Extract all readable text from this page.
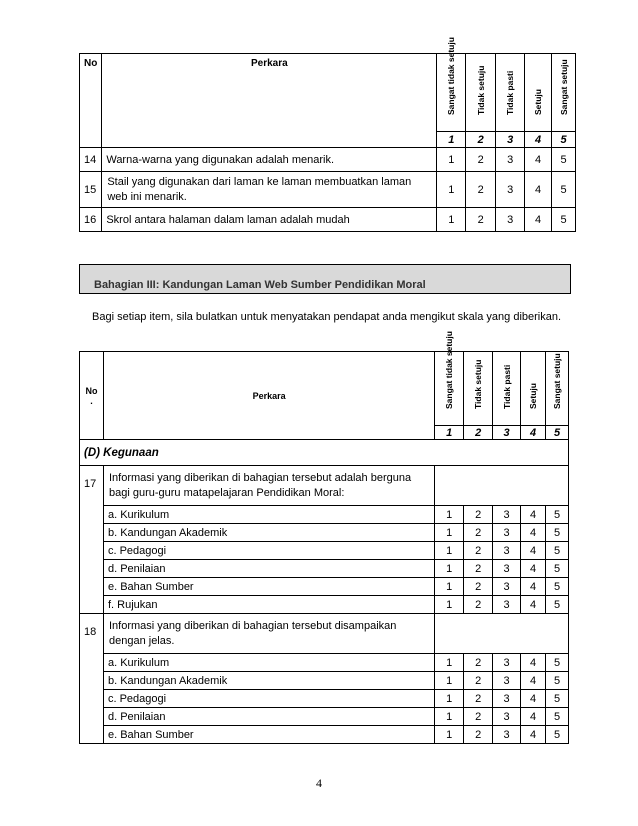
No	Perkara	Sangat tidak setuju	Tidak setuju	Tidak pasti	Setuju	Sangat setuju

		1	2	3	4	5
14	Warna-warna yang digunakan adalah menarik.	1	2	3	4	5
15	Stail yang digunakan dari laman ke laman membuatkan laman web ini menarik.	1	2	3	4	5
16	Skrol antara halaman dalam laman adalah mudah	1	2	3	4	5
Bahagian III: Kandungan Laman Web Sumber Pendidikan Moral
Bagi setiap item, sila bulatkan untuk menyatakan pendapat anda mengikut skala yang diberikan.
No .	Perkara	Sangat tidak setuju	Tidak setuju	Tidak pasti	Setuju	Sangat setuju

		1	2	3	4	5
(D) Kegunaan						
17	Informasi yang diberikan di bahagian tersebut adalah berguna bagi guru-guru matapelajaran Pendidikan Moral:					
	a. Kurikulum	1	2	3	4	5
	b. Kandungan Akademik	1	2	3	4	5
	c. Pedagogi	1	2	3	4	5
	d. Penilaian	1	2	3	4	5
	e. Bahan Sumber	1	2	3	4	5
	f. Rujukan	1	2	3	4	5
18	Informasi yang diberikan di bahagian tersebut disampaikan dengan jelas.					
	a. Kurikulum	1	2	3	4	5
	b. Kandungan Akademik	1	2	3	4	5
	c. Pedagogi	1	2	3	4	5
	d. Penilaian	1	2	3	4	5
	e. Bahan Sumber	1	2	3	4	5
4
